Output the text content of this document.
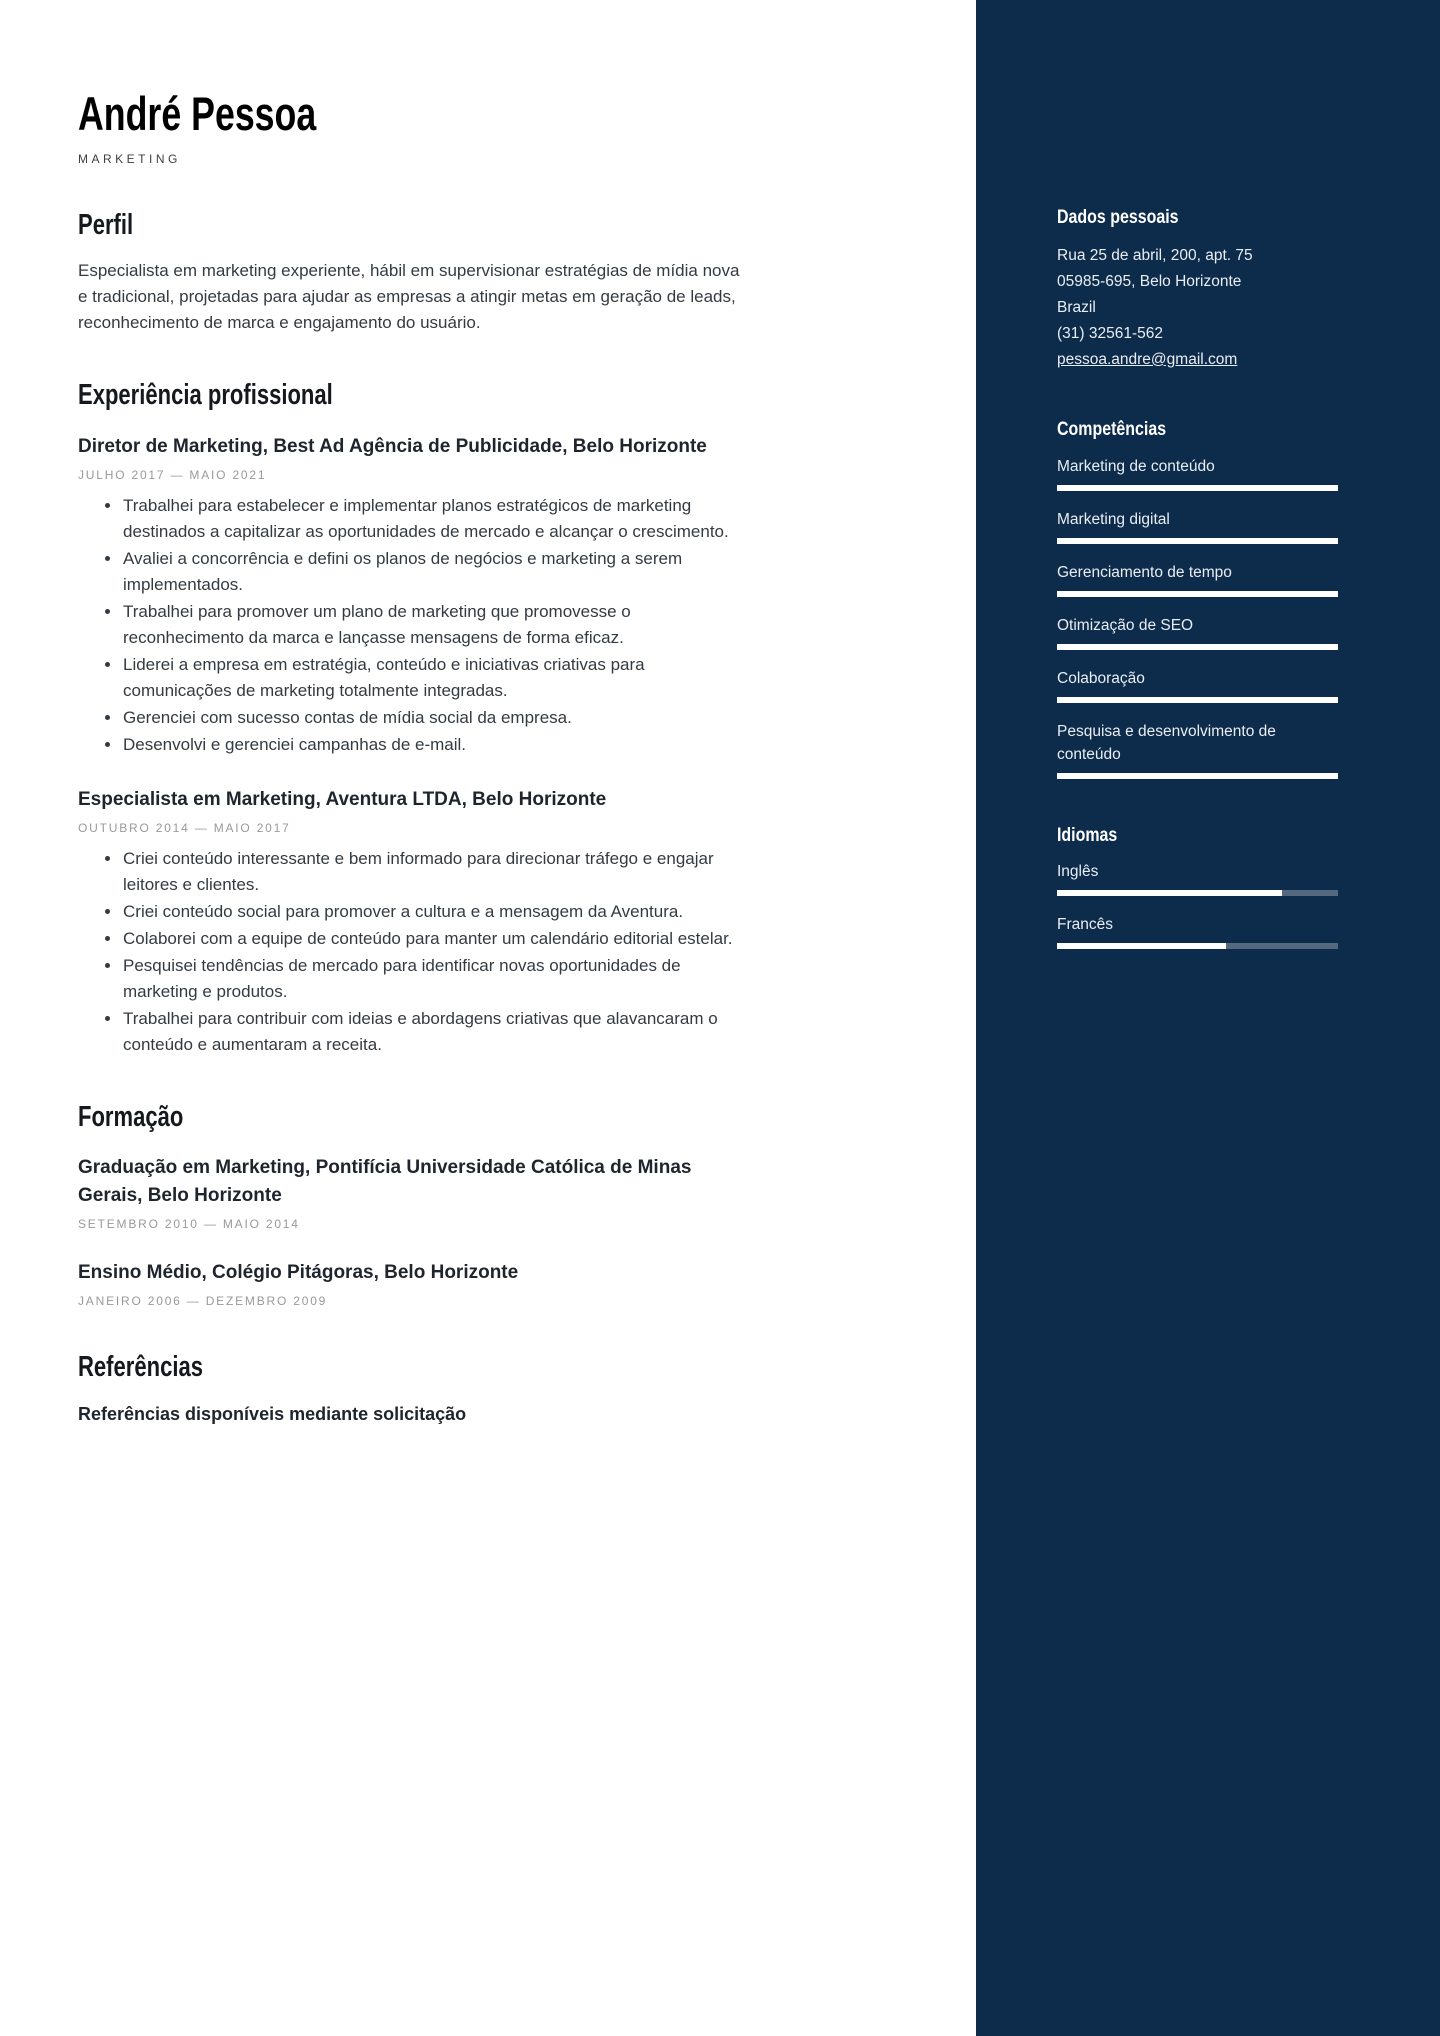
Dados pessoais
Rua 25 de abril, 200, apt. 75
05985-695, Belo Horizonte
Brazil
(31) 32561-562
pessoa.andre@gmail.com
Competências
Marketing de conteúdo
Marketing digital
Gerenciamento de tempo
Otimização de SEO
Colaboração
Pesquisa e desenvolvimento de conteúdo
Idiomas
Inglês
Francês
André Pessoa
MARKETING
Perfil

Especialista em marketing experiente, hábil em supervisionar estratégias de mídia nova e tradicional, projetadas para ajudar as empresas a atingir metas em geração de leads, reconhecimento de marca e engajamento do usuário.

Experiência profissional
Diretor de Marketing, Best Ad Agência de Publicidade, Belo Horizonte
JULHO 2017 — MAIO 2021
• Trabalhei para estabelecer e implementar planos estratégicos de marketing destinados a capitalizar as oportunidades de mercado e alcançar o crescimento.
• Avaliei a concorrência e defini os planos de negócios e marketing a serem implementados.
• Trabalhei para promover um plano de marketing que promovesse o reconhecimento da marca e lançasse mensagens de forma eficaz.
• Liderei a empresa em estratégia, conteúdo e iniciativas criativas para comunicações de marketing totalmente integradas.
• Gerenciei com sucesso contas de mídia social da empresa.
• Desenvolvi e gerenciei campanhas de e-mail.
Especialista em Marketing, Aventura LTDA, Belo Horizonte
OUTUBRO 2014 — MAIO 2017
• Criei conteúdo interessante e bem informado para direcionar tráfego e engajar leitores e clientes.
• Criei conteúdo social para promover a cultura e a mensagem da Aventura.
• Colaborei com a equipe de conteúdo para manter um calendário editorial estelar.
• Pesquisei tendências de mercado para identificar novas oportunidades de marketing e produtos.
• Trabalhei para contribuir com ideias e abordagens criativas que alavancaram o conteúdo e aumentaram a receita.
Formação
Graduação em Marketing, Pontifícia Universidade Católica de Minas Gerais, Belo Horizonte
SETEMBRO 2010 — MAIO 2014
Ensino Médio, Colégio Pitágoras, Belo Horizonte
JANEIRO 2006 — DEZEMBRO 2009
Referências
Referências disponíveis mediante solicitação
